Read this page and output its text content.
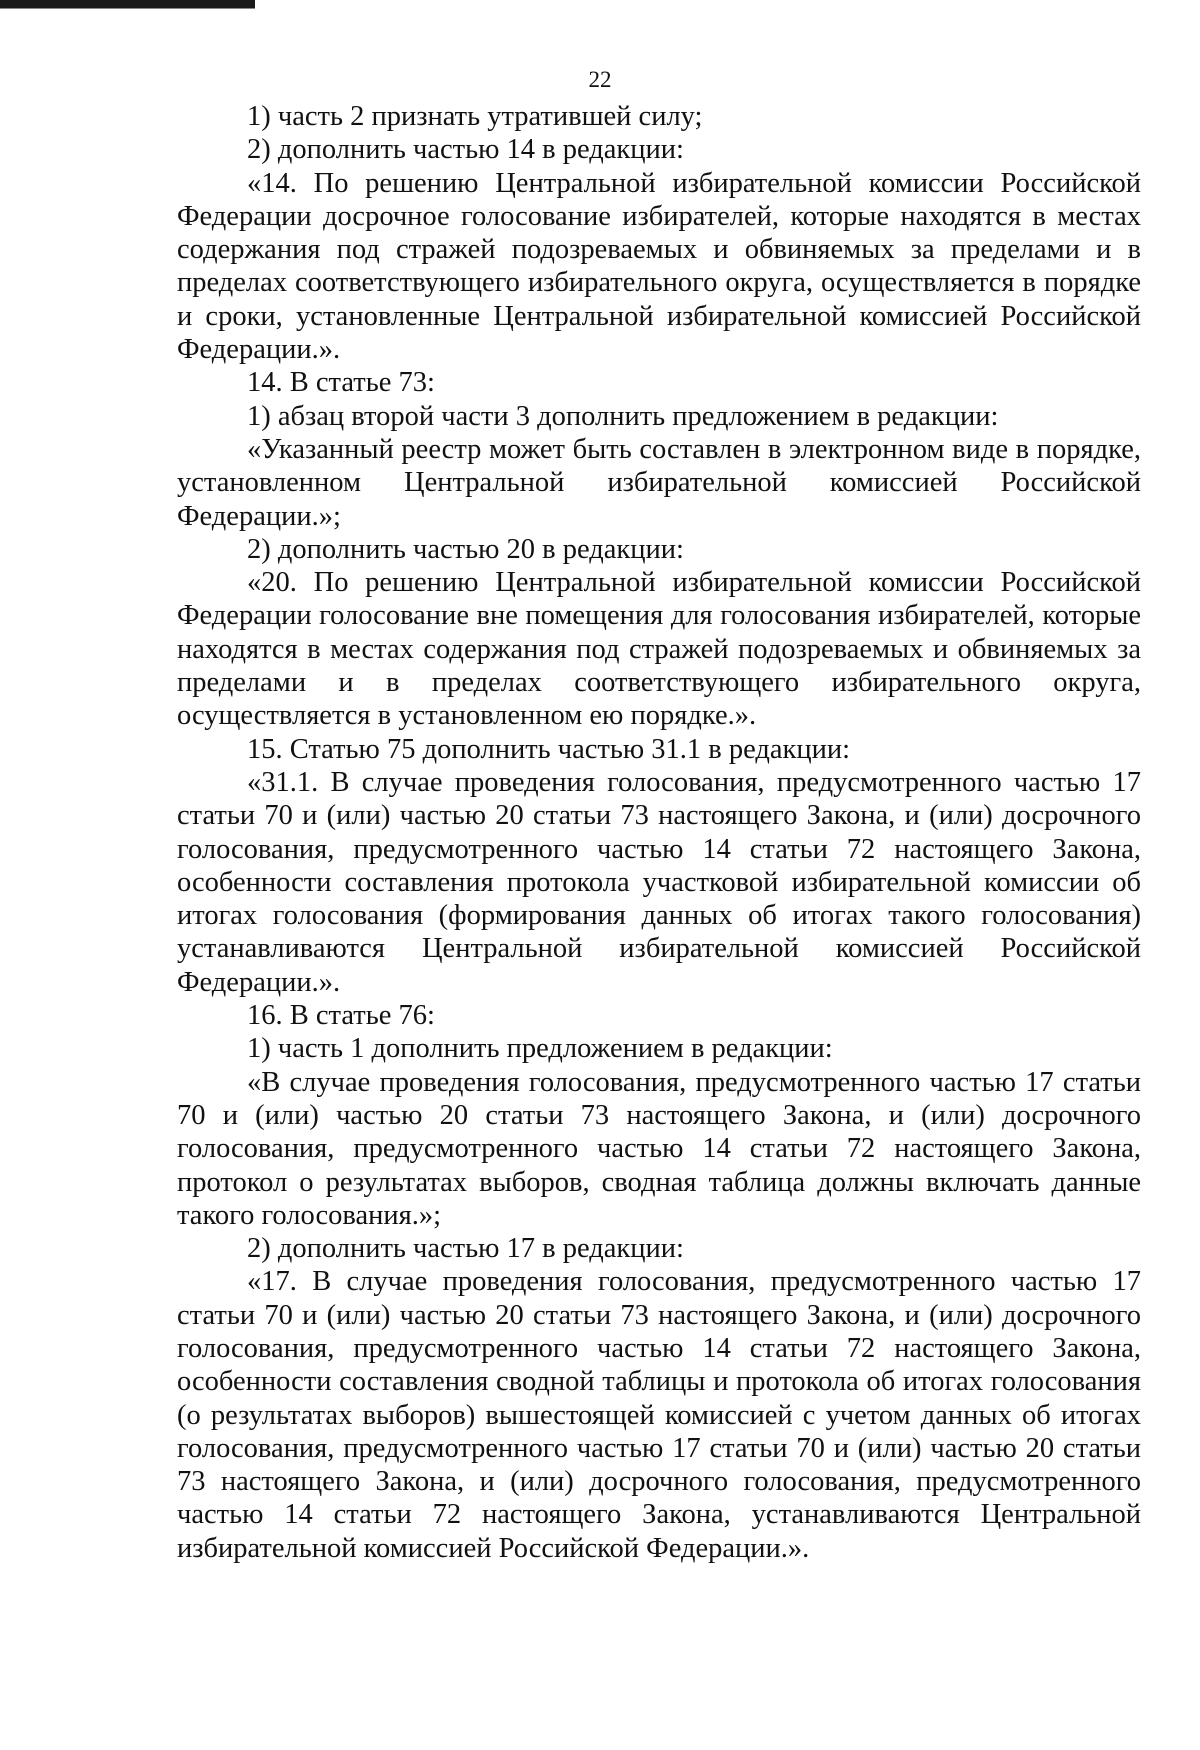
22

1) часть 2 признать утратившей силу;

2) дополнить частью 14 в редакции:

«14. По решению Центральной избирательной комиссии Российской Федерации досрочное голосование избирателей, которые находятся в местах содержания под стражей подозреваемых и обвиняемых за пределами и в пределах соответствующего избирательного округа, осуществляется в порядке и сроки, установленные Центральной избирательной комиссией Российской Федерации.».

14. В статье 73:

1) абзац второй части 3 дополнить предложением в редакции:

«Указанный реестр может быть составлен в электронном виде в порядке, установленном Центральной избирательной комиссией Российской Федерации.»;

2) дополнить частью 20 в редакции:

«20. По решению Центральной избирательной комиссии Российской Федерации голосование вне помещения для голосования избирателей, которые находятся в местах содержания под стражей подозреваемых и обвиняемых за пределами и в пределах соответствующего избирательного округа, осуществляется в установленном ею порядке.».

15. Статью 75 дополнить частью 31.1 в редакции:

«31.1. В случае проведения голосования, предусмотренного частью 17 статьи 70 и (или) частью 20 статьи 73 настоящего Закона, и (или) досрочного голосования, предусмотренного частью 14 статьи 72 настоящего Закона, особенности составления протокола участковой избирательной комиссии об итогах голосования (формирования данных об итогах такого голосования) устанавливаются Центральной избирательной комиссией Российской Федерации.».

16. В статье 76:

1) часть 1 дополнить предложением в редакции:

«В случае проведения голосования, предусмотренного частью 17 статьи 70 и (или) частью 20 статьи 73 настоящего Закона, и (или) досрочного голосования, предусмотренного частью 14 статьи 72 настоящего Закона, протокол о результатах выборов, сводная таблица должны включать данные такого голосования.»;

2) дополнить частью 17 в редакции:

«17. В случае проведения голосования, предусмотренного частью 17 статьи 70 и (или) частью 20 статьи 73 настоящего Закона, и (или) досрочного голосования, предусмотренного частью 14 статьи 72 настоящего Закона, особенности составления сводной таблицы и протокола об итогах голосования (о результатах выборов) вышестоящей комиссией с учетом данных об итогах голосования, предусмотренного частью 17 статьи 70 и (или) частью 20 статьи 73 настоящего Закона, и (или) досрочного голосования, предусмотренного частью 14 статьи 72 настоящего Закона, устанавливаются Центральной избирательной комиссией Российской Федерации.».
